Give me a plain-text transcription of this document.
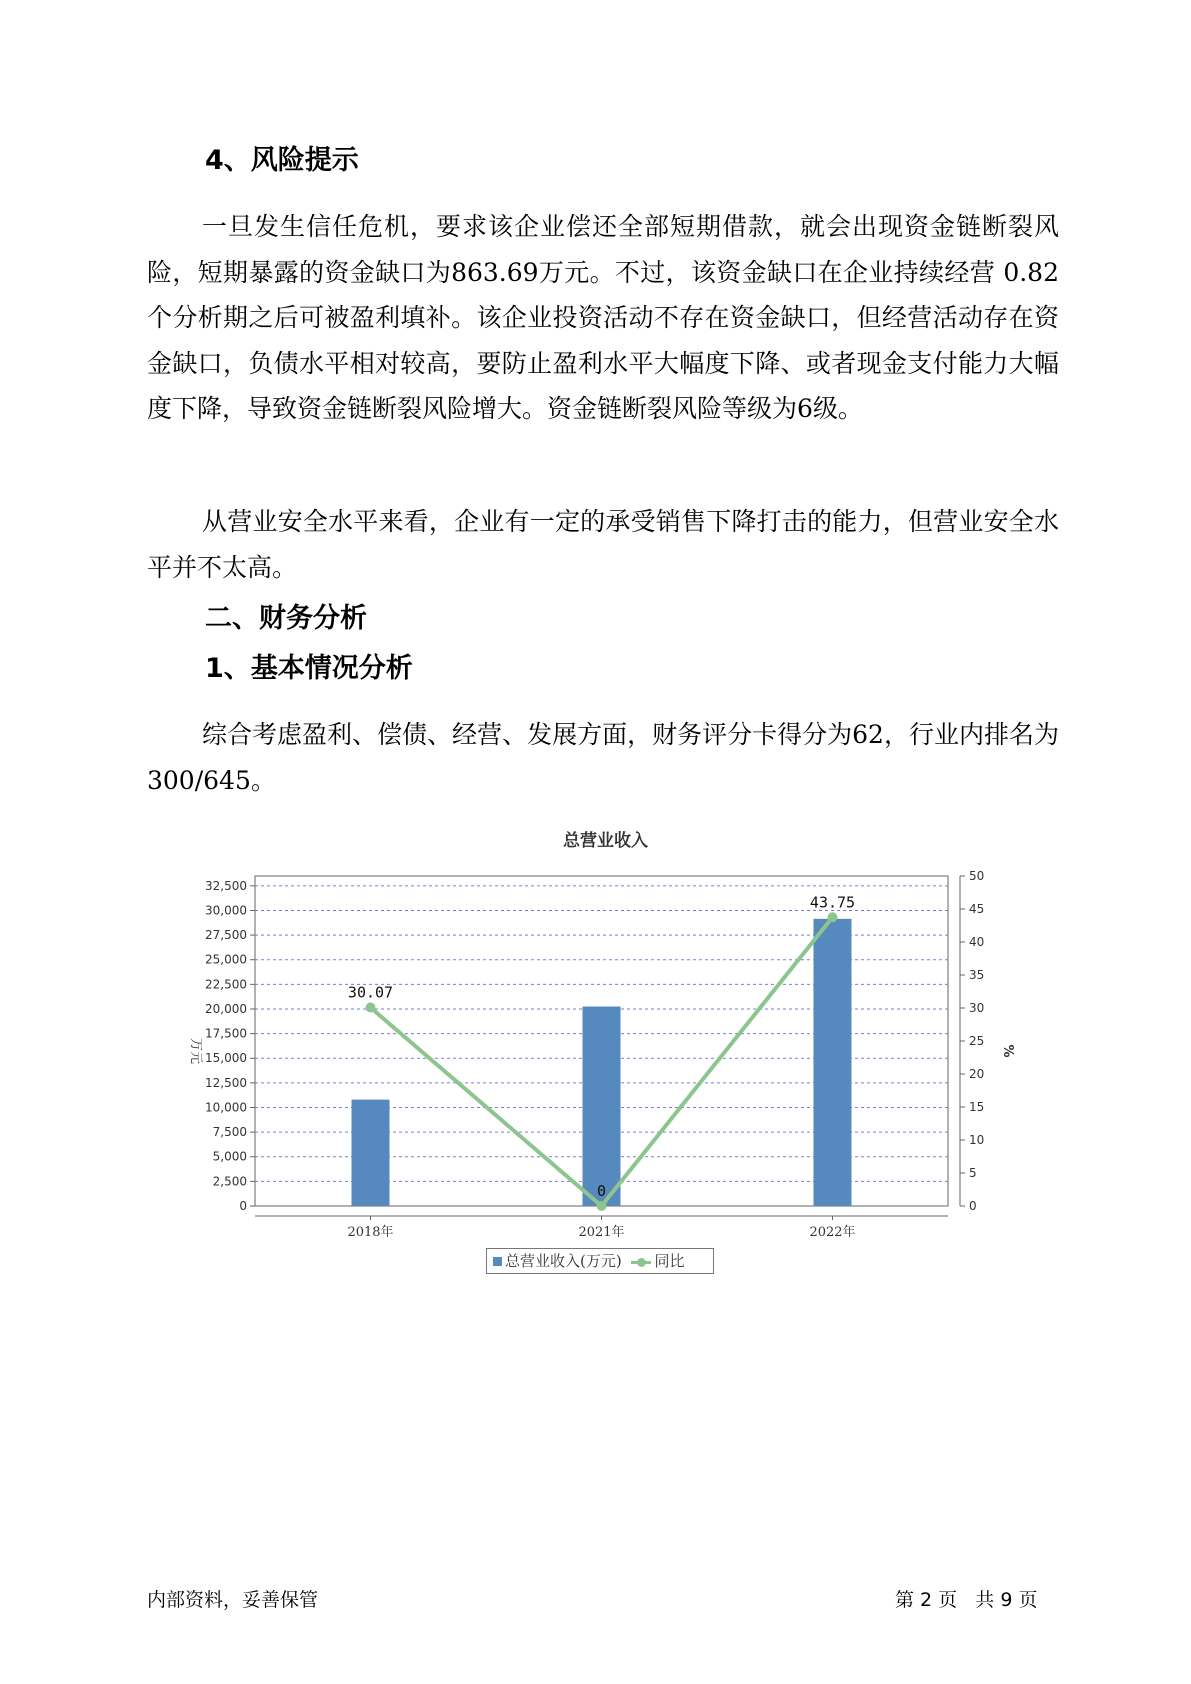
4、风险提示

一旦发生信任危机，要求该企业偿还全部短期借款，就会出现资金链断裂风险，短期暴露的资金缺口为863.69万元。不过，该资金缺口在企业持续经营 0.82个分析期之后可被盈利填补。该企业投资活动不存在资金缺口，但经营活动存在资金缺口，负债水平相对较高，要防止盈利水平大幅度下降、或者现金支付能力大幅度下降，导致资金链断裂风险增大。资金链断裂风险等级为6级。

从营业安全水平来看，企业有一定的承受销售下降打击的能力，但营业安全水平并不太高。

二、财务分析
1、基本情况分析

综合考虑盈利、偿债、经营、发展方面，财务评分卡得分为62，行业内排名为300/645。

总营业收入
0
2,500
5,000
7,500
10,000
12,500
15,000
17,500
20,000
22,500
25,000
27,500
30,000
32,500
0
5
10
15
20
25
30
35
40
45
50
万元	%
2018年	2021年	2022年
30.07
0
43.75
总营业收入(万元) 同比
内部资料，妥善保管	第 2 页   共 9 页
